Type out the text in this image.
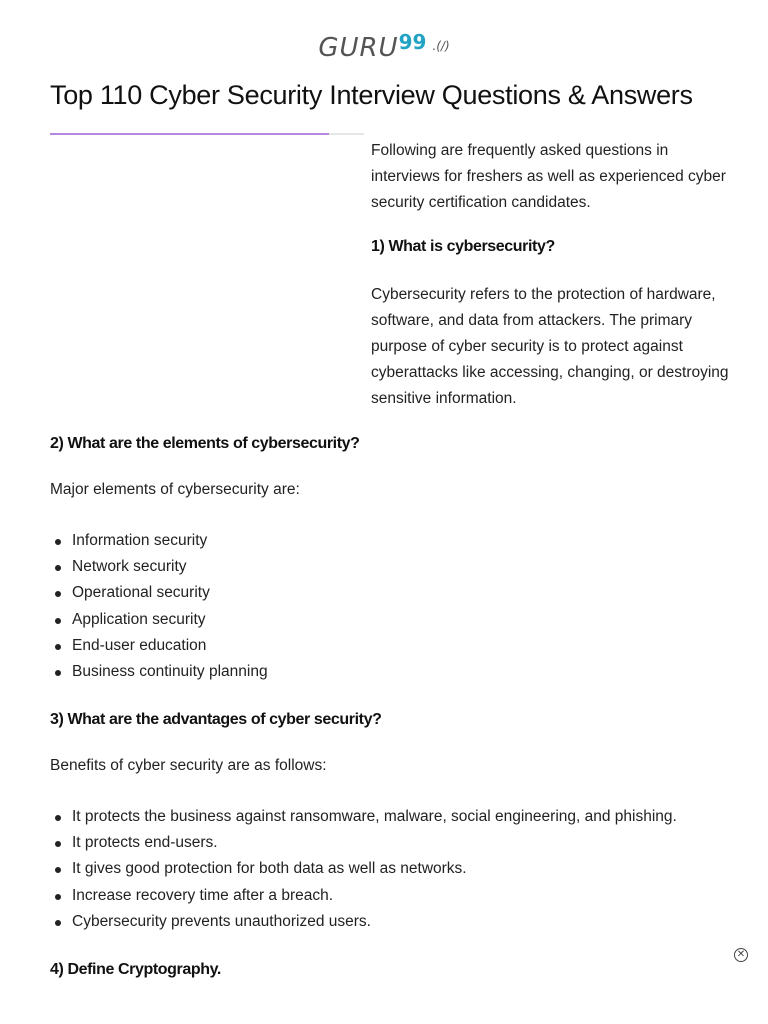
GURU99 .(/)
Top 110 Cyber Security Interview Questions & Answers

Following are frequently asked questions in interviews for freshers as well as experienced cyber security certification candidates.

1) What is cybersecurity?

Cybersecurity refers to the protection of hardware, software, and data from attackers. The primary purpose of cyber security is to protect against cyberattacks like accessing, changing, or destroying sensitive information.

2) What are the elements of cybersecurity?

Major elements of cybersecurity are:

Information security
Network security
Operational security
Application security
End-user education
Business continuity planning
3) What are the advantages of cyber security?

Benefits of cyber security are as follows:

It protects the business against ransomware, malware, social engineering, and phishing.
It protects end-users.
It gives good protection for both data as well as networks.
Increase recovery time after a breach.
Cybersecurity prevents unauthorized users.
4) Define Cryptography.
✕
